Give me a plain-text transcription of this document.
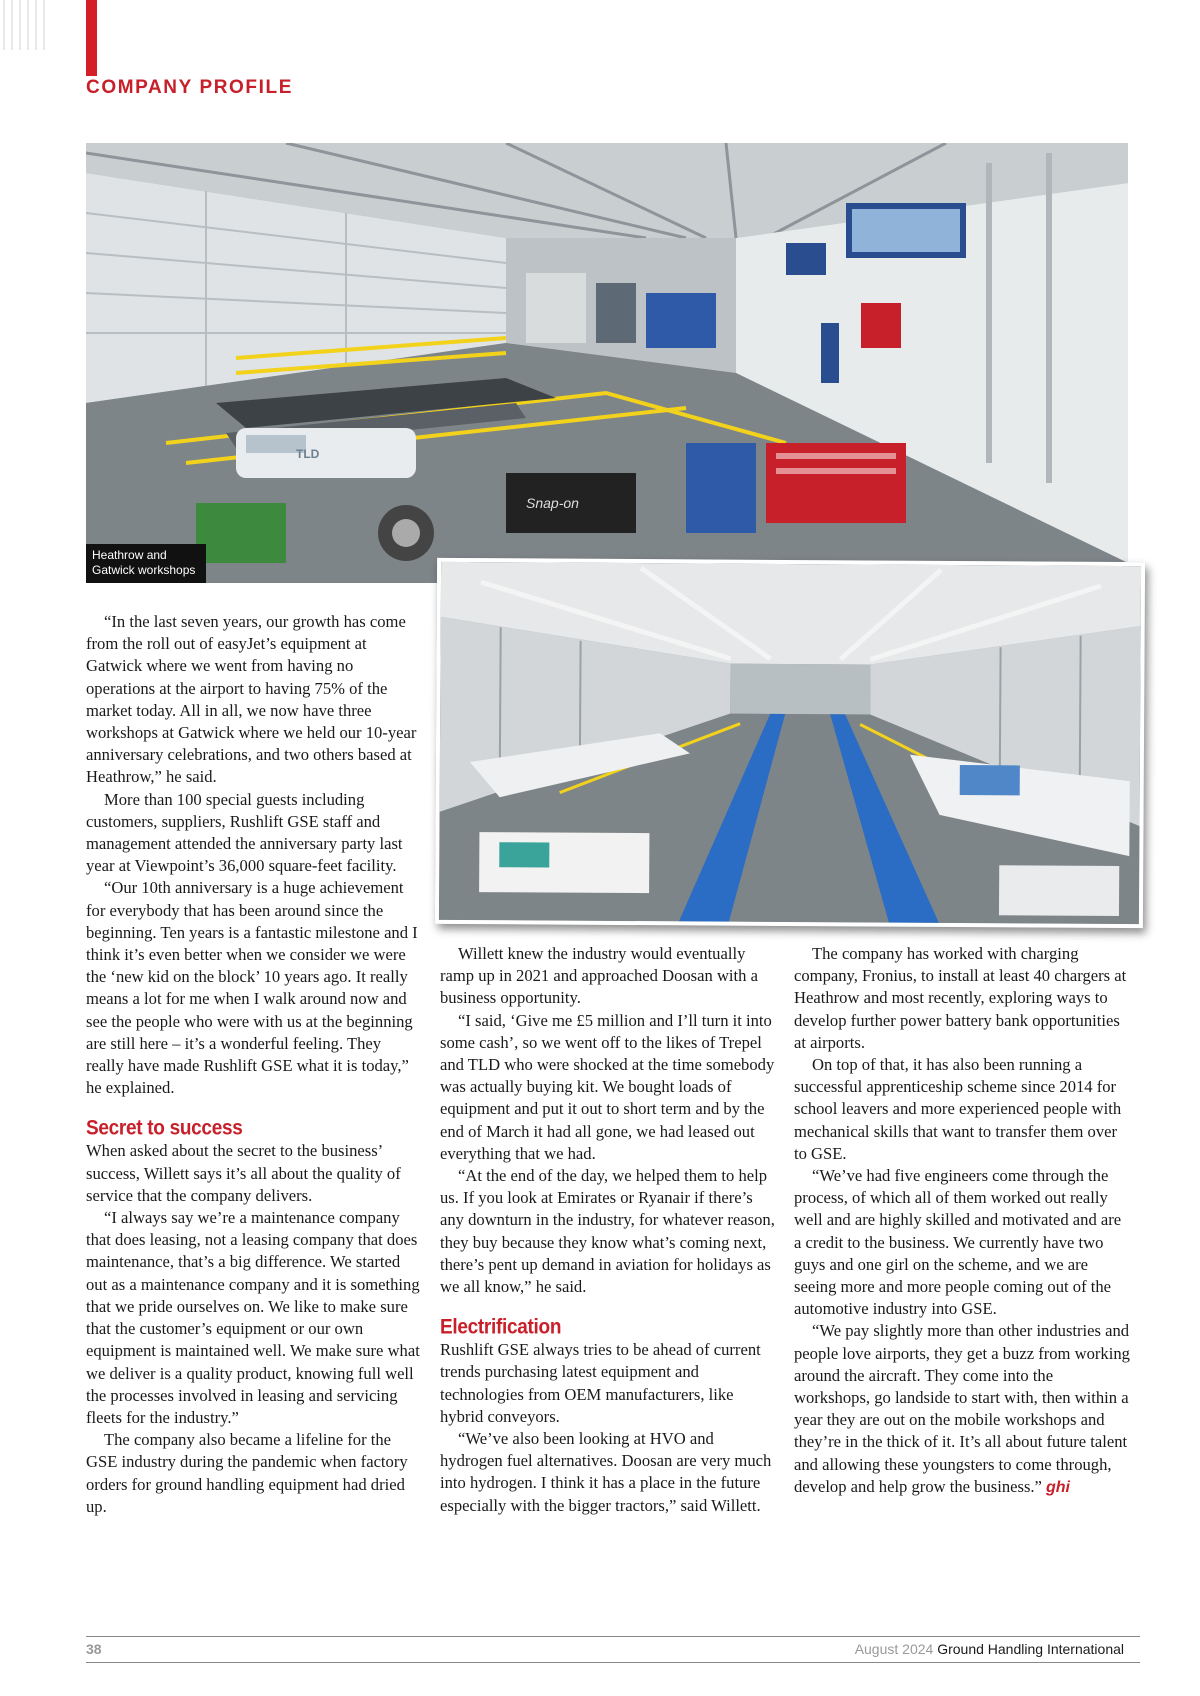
COMPANY PROFILE
Snap-on
TLD
Heathrow and
Gatwick workshops

“In the last seven years, our growth has come from the roll out of easyJet’s equipment at Gatwick where we went from having no operations at the airport to having 75% of the market today. All in all, we now have three workshops at Gatwick where we held our 10-year anniversary celebrations, and two others based at Heathrow,” he said.

More than 100 special guests including customers, suppliers, Rushlift GSE staff and management attended the anniversary party last year at Viewpoint’s 36,000 square-feet facility.

“Our 10th anniversary is a huge achievement for everybody that has been around since the beginning. Ten years is a fantastic milestone and I think it’s even better when we consider we were the ‘new kid on the block’ 10 years ago. It really means a lot for me when I walk around now and see the people who were with us at the beginning are still here – it’s a wonderful feeling. They really have made Rushlift GSE what it is today,” he explained.

Secret to success

When asked about the secret to the business’ success, Willett says it’s all about the quality of service that the company delivers.

“I always say we’re a maintenance company that does leasing, not a leasing company that does maintenance, that’s a big difference. We started out as a maintenance company and it is something that we pride ourselves on. We like to make sure that the customer’s equipment or our own equipment is maintained well. We make sure what we deliver is a quality product, knowing full well the processes involved in leasing and servicing fleets for the industry.”

The company also became a lifeline for the GSE industry during the pandemic when factory orders for ground handling equipment had dried up.

Willett knew the industry would eventually ramp up in 2021 and approached Doosan with a business opportunity.

“I said, ‘Give me £5 million and I’ll turn it into some cash’, so we went off to the likes of Trepel and TLD who were shocked at the time somebody was actually buying kit. We bought loads of equipment and put it out to short term and by the end of March it had all gone, we had leased out everything that we had.

“At the end of the day, we helped them to help us. If you look at Emirates or Ryanair if there’s any downturn in the industry, for whatever reason, they buy because they know what’s coming next, there’s pent up demand in aviation for holidays as we all know,” he said.

Electrification

Rushlift GSE always tries to be ahead of current trends purchasing latest equipment and technologies from OEM manufacturers, like hybrid conveyors.

“We’ve also been looking at HVO and hydrogen fuel alternatives. Doosan are very much into hydrogen. I think it has a place in the future especially with the bigger tractors,” said Willett.

The company has worked with charging company, Fronius, to install at least 40 chargers at Heathrow and most recently, exploring ways to develop further power battery bank opportunities at airports.

On top of that, it has also been running a successful apprenticeship scheme since 2014 for school leavers and more experienced people with mechanical skills that want to transfer them over to GSE.

“We’ve had five engineers come through the process, of which all of them worked out really well and are highly skilled and motivated and are a credit to the business. We currently have two guys and one girl on the scheme, and we are seeing more and more people coming out of the automotive industry into GSE.

“We pay slightly more than other industries and people love airports, they get a buzz from working around the aircraft. They come into the workshops, go landside to start with, then within a year they are out on the mobile workshops and they’re in the thick of it. It’s all about future talent and allowing these youngsters to come through, develop and help grow the business.” ghi

38	August 2024 Ground Handling International
